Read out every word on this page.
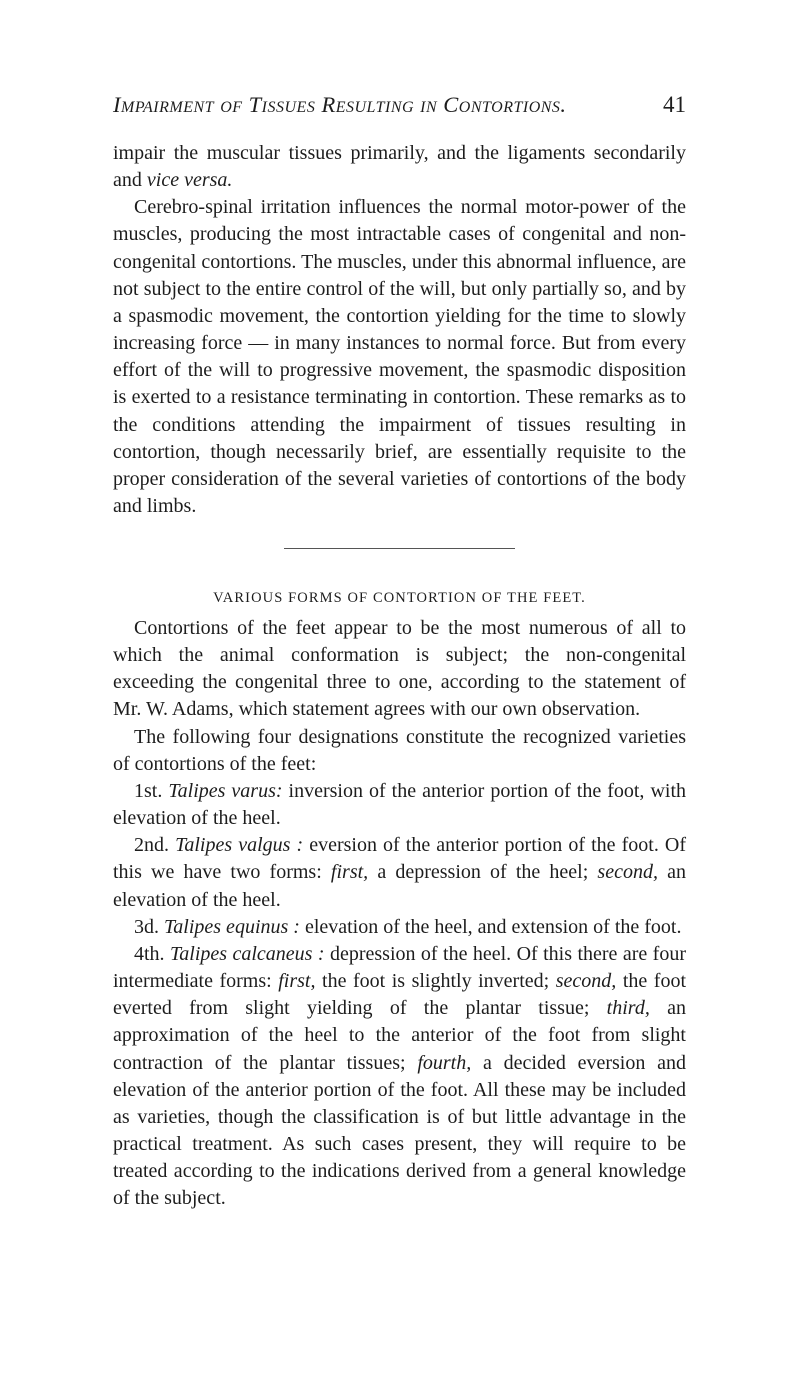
Impairment of Tissues Resulting in Contortions.	41

impair the muscular tissues primarily, and the ligaments secondarily and vice versa.

Cerebro-spinal irritation influences the normal motor-power of the muscles, producing the most intractable cases of congenital and non-congenital contortions. The muscles, under this abnormal influence, are not subject to the entire control of the will, but only partially so, and by a spasmodic movement, the contortion yielding for the time to slowly increasing force — in many instances to normal force. But from every effort of the will to progressive movement, the spasmodic disposition is exerted to a resistance terminating in contortion. These remarks as to the conditions attending the impairment of tissues resulting in contortion, though necessarily brief, are essentially requisite to the proper consideration of the several varieties of contortions of the body and limbs.

VARIOUS FORMS OF CONTORTION OF THE FEET.

Contortions of the feet appear to be the most numerous of all to which the animal conformation is subject; the non-congenital exceeding the congenital three to one, according to the statement of Mr. W. Adams, which statement agrees with our own observation.

The following four designations constitute the recognized varieties of contortions of the feet:

1st. Talipes varus: inversion of the anterior portion of the foot, with elevation of the heel.

2nd. Talipes valgus : eversion of the anterior portion of the foot. Of this we have two forms: first, a depression of the heel; second, an elevation of the heel.

3d. Talipes equinus : elevation of the heel, and extension of the foot.

4th. Talipes calcaneus : depression of the heel. Of this there are four intermediate forms: first, the foot is slightly inverted; second, the foot everted from slight yielding of the plantar tissue; third, an approximation of the heel to the anterior of the foot from slight contraction of the plantar tissues; fourth, a decided eversion and elevation of the anterior portion of the foot. All these may be included as varieties, though the classification is of but little advantage in the practical treatment. As such cases present, they will require to be treated according to the indications derived from a general knowledge of the subject.
